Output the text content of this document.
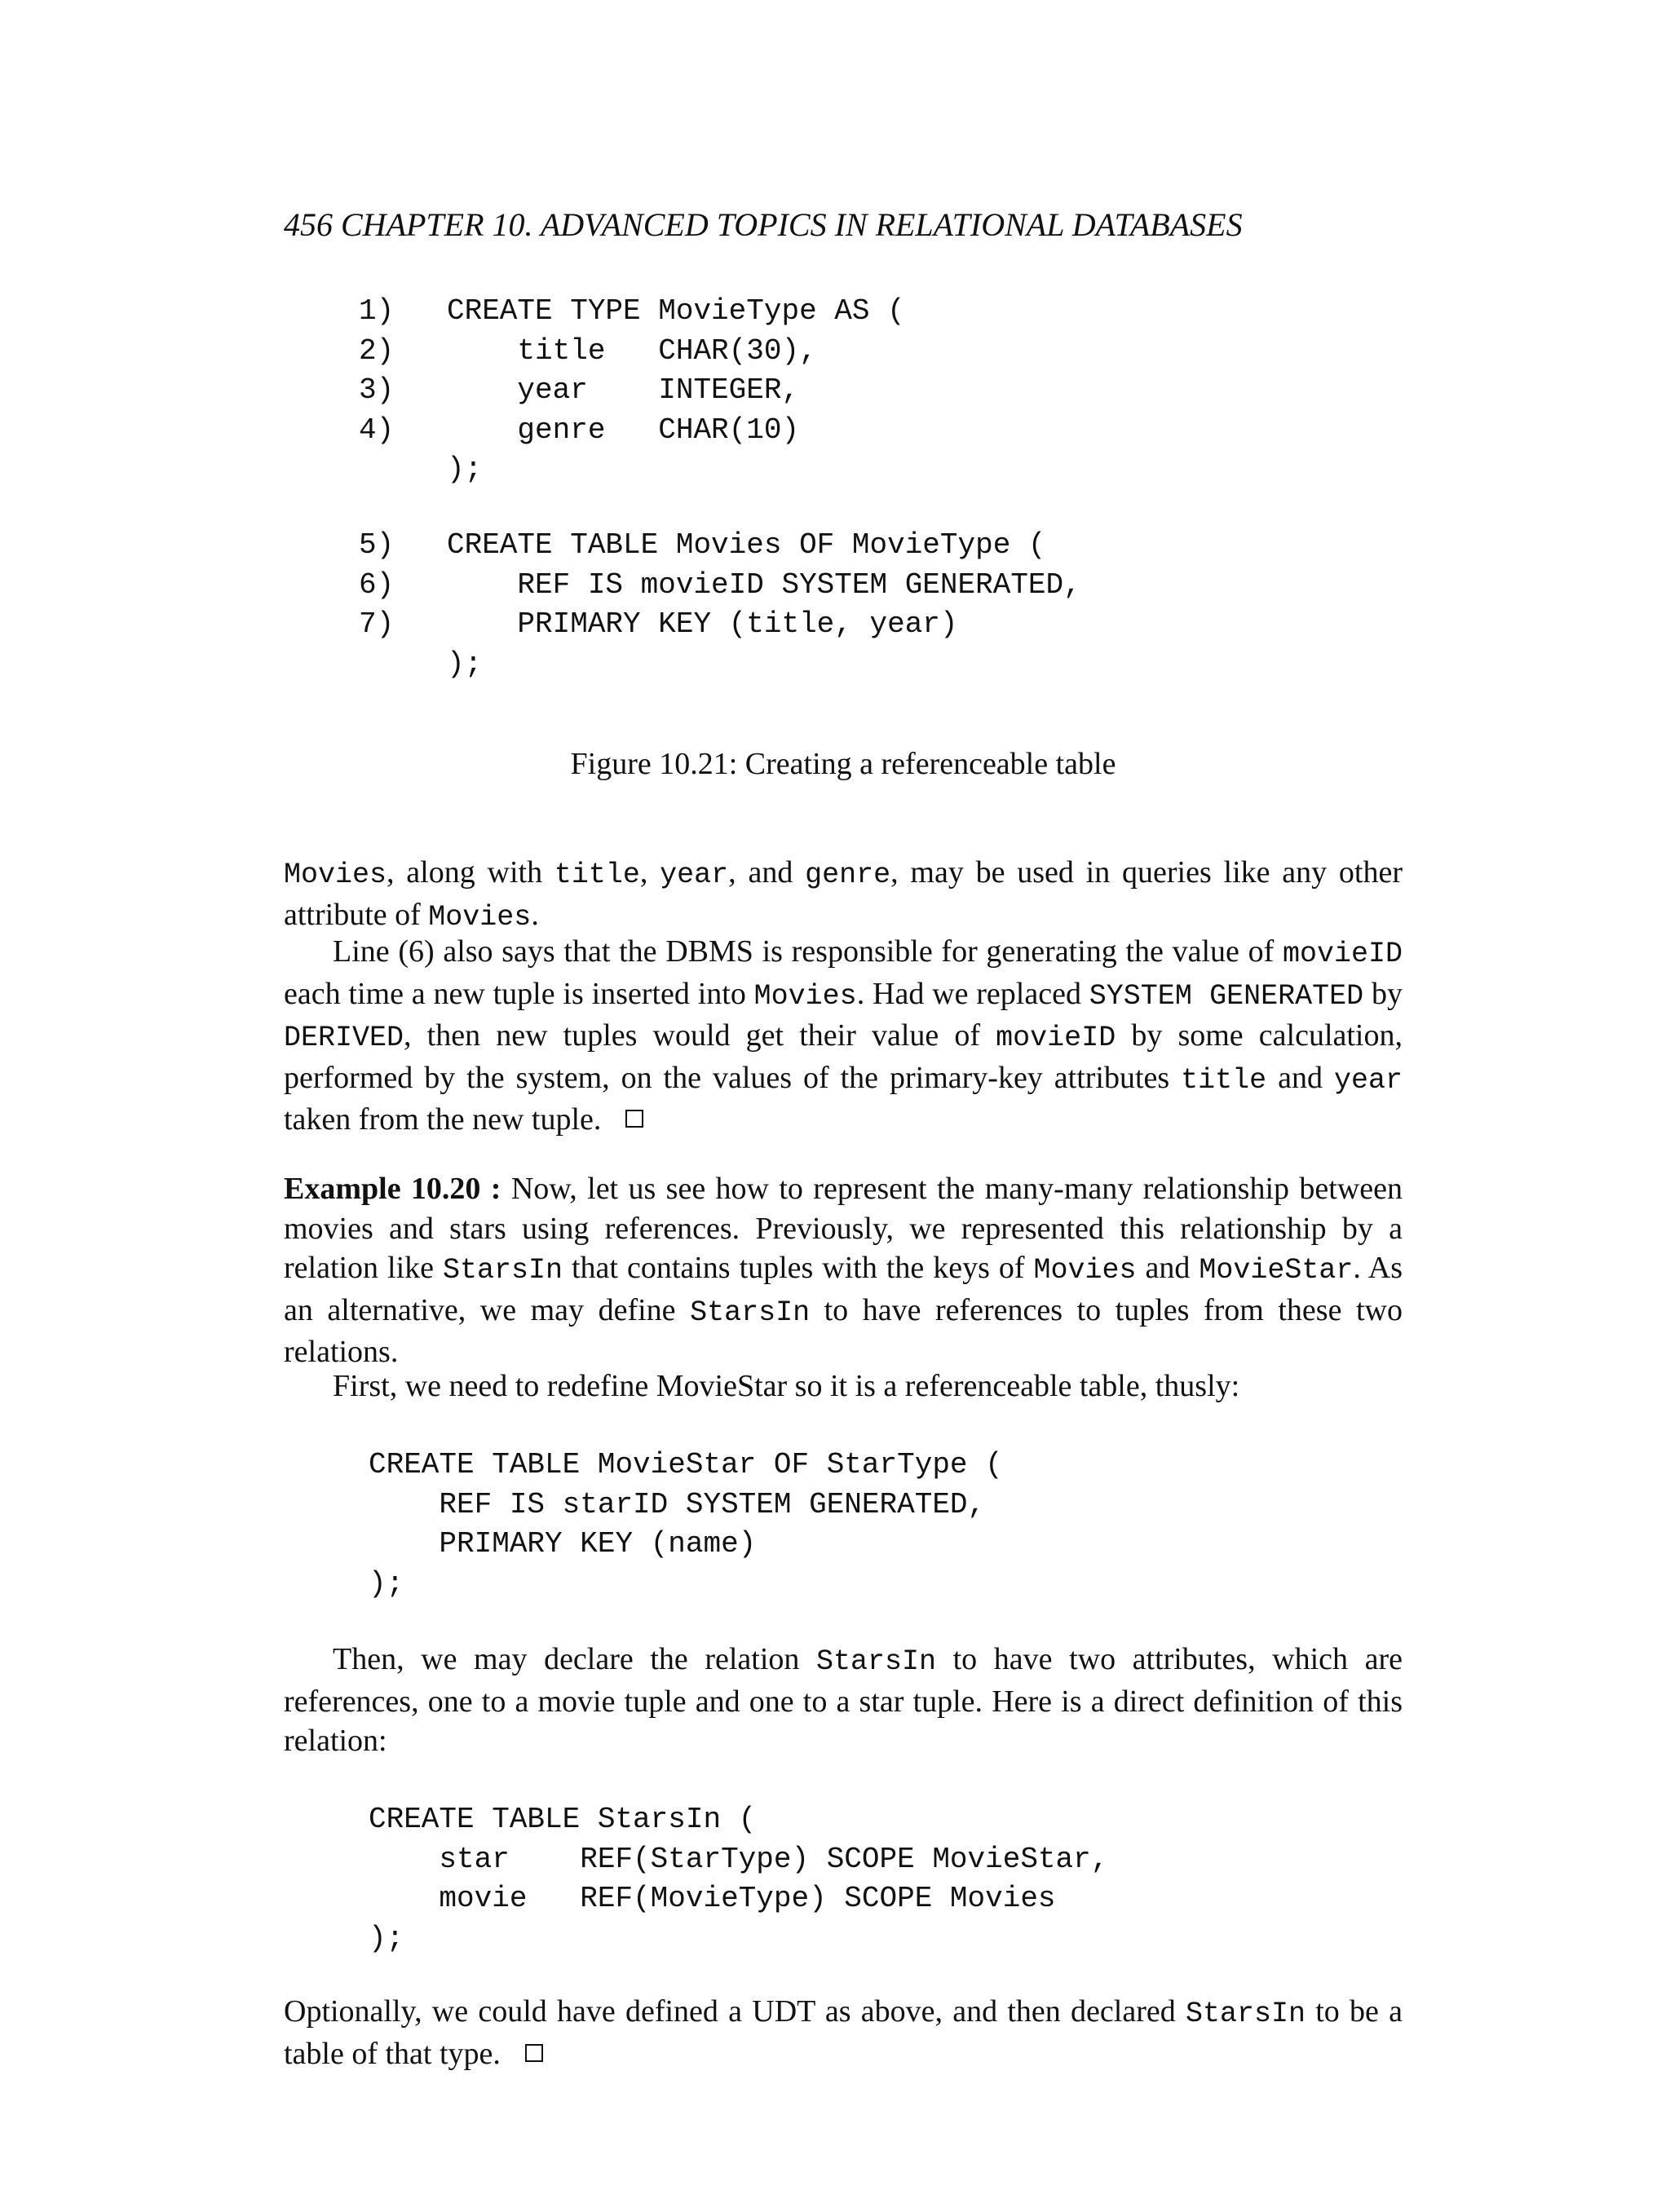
456 CHAPTER 10. ADVANCED TOPICS IN RELATIONAL DATABASES
1) CREATE TYPE MovieType AS (
2)    title   CHAR(30),
3)    year    INTEGER,
4)    genre   CHAR(10)
);
5) CREATE TABLE Movies OF MovieType (
6)    REF IS movieID SYSTEM GENERATED,
7)    PRIMARY KEY (title, year)
);
Figure 10.21: Creating a referenceable table
Movies, along with title, year, and genre, may be used in queries like any other attribute of Movies.
Line (6) also says that the DBMS is responsible for generating the value of movieID each time a new tuple is inserted into Movies. Had we replaced SYSTEM GENERATED by DERIVED, then new tuples would get their value of movieID by some calculation, performed by the system, on the values of the primary-key attributes title and year taken from the new tuple.
Example 10.20 : Now, let us see how to represent the many-many relationship between movies and stars using references. Previously, we represented this relationship by a relation like StarsIn that contains tuples with the keys of Movies and MovieStar. As an alternative, we may define StarsIn to have references to tuples from these two relations.
First, we need to redefine MovieStar so it is a referenceable table, thusly:
CREATE TABLE MovieStar OF StarType (
REF IS starID SYSTEM GENERATED,
PRIMARY KEY (name)
);
Then, we may declare the relation StarsIn to have two attributes, which are references, one to a movie tuple and one to a star tuple. Here is a direct definition of this relation:
CREATE TABLE StarsIn (
star    REF(StarType) SCOPE MovieStar,
movie   REF(MovieType) SCOPE Movies
);
Optionally, we could have defined a UDT as above, and then declared StarsIn to be a table of that type.
